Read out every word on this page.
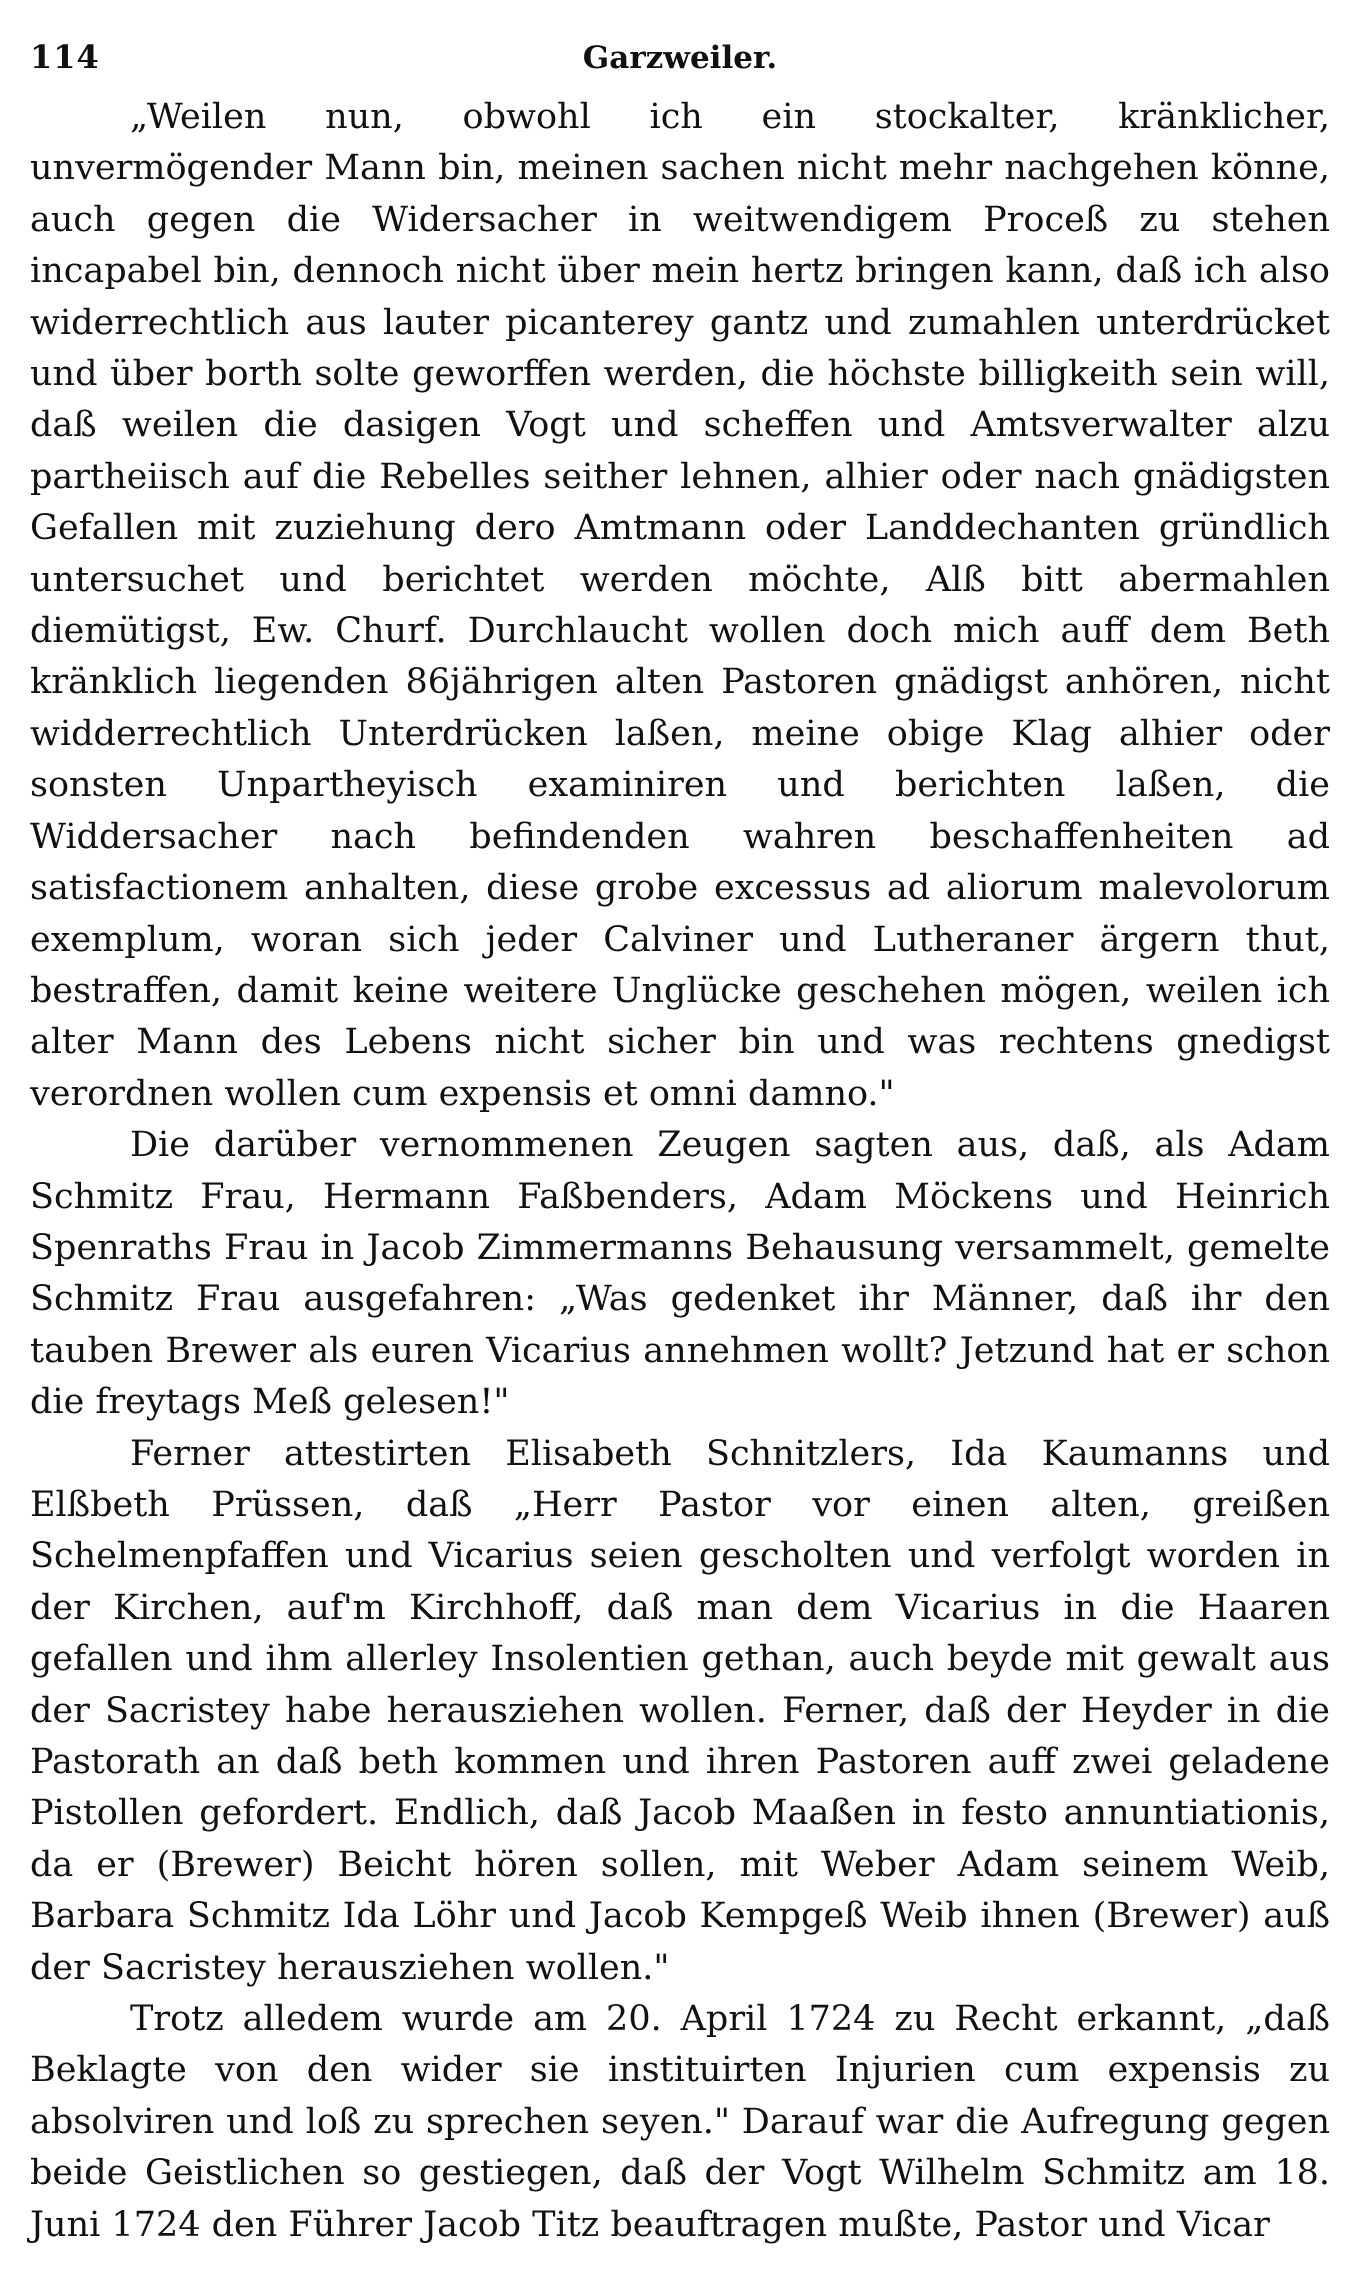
114	Garzweiler.

„Weilen nun, obwohl ich ein stockalter, kränklicher, unvermögender Mann bin, meinen sachen nicht mehr nachgehen könne, auch gegen die Widersacher in weitwendigem Proceß zu stehen incapabel bin, dennoch nicht über mein hertz bringen kann, daß ich also widerrechtlich aus lauter picanterey gantz und zumahlen unterdrücket und über borth solte geworffen werden, die höchste billigkeith sein will, daß weilen die dasigen Vogt und scheffen und Amtsverwalter alzu partheiisch auf die Rebelles seither lehnen, alhier oder nach gnädigsten Gefallen mit zuziehung dero Amtmann oder Landdechanten gründlich untersuchet und berichtet werden möchte, Alß bitt abermahlen diemütigst, Ew. Churf. Durchlaucht wollen doch mich auff dem Beth kränklich liegenden 86jährigen alten Pastoren gnädigst anhören, nicht widderrechtlich Unterdrücken laßen, meine obige Klag alhier oder sonsten Unpartheyisch examiniren und berichten laßen, die Widdersacher nach befindenden wahren beschaffenheiten ad satisfactionem anhalten, diese grobe excessus ad aliorum malevolorum exemplum, woran sich jeder Calviner und Lutheraner ärgern thut, bestraffen, damit keine weitere Unglücke geschehen mögen, weilen ich alter Mann des Lebens nicht sicher bin und was rechtens gnedigst verordnen wollen cum expensis et omni damno."

Die darüber vernommenen Zeugen sagten aus, daß, als Adam Schmitz Frau, Hermann Faßbenders, Adam Möckens und Heinrich Spenraths Frau in Jacob Zimmermanns Behausung versammelt, gemelte Schmitz Frau ausgefahren: „Was gedenket ihr Männer, daß ihr den tauben Brewer als euren Vicarius annehmen wollt? Jetzund hat er schon die freytags Meß gelesen!"

Ferner attestirten Elisabeth Schnitzlers, Ida Kaumanns und Elßbeth Prüssen, daß „Herr Pastor vor einen alten, greißen Schelmenpfaffen und Vicarius seien gescholten und verfolgt worden in der Kirchen, auf'm Kirchhoff, daß man dem Vicarius in die Haaren gefallen und ihm allerley Insolentien gethan, auch beyde mit gewalt aus der Sacristey habe herausziehen wollen. Ferner, daß der Heyder in die Pastorath an daß beth kommen und ihren Pastoren auff zwei geladene Pistollen gefordert. Endlich, daß Jacob Maaßen in festo annuntiationis, da er (Brewer) Beicht hören sollen, mit Weber Adam seinem Weib, Barbara Schmitz Ida Löhr und Jacob Kempgeß Weib ihnen (Brewer) auß der Sacristey herausziehen wollen."

Trotz alledem wurde am 20. April 1724 zu Recht erkannt, „daß Beklagte von den wider sie instituirten Injurien cum expensis zu absolviren und loß zu sprechen seyen." Darauf war die Aufregung gegen beide Geistlichen so gestiegen, daß der Vogt Wilhelm Schmitz am 18. Juni 1724 den Führer Jacob Titz beauftragen mußte, Pastor und Vicar
